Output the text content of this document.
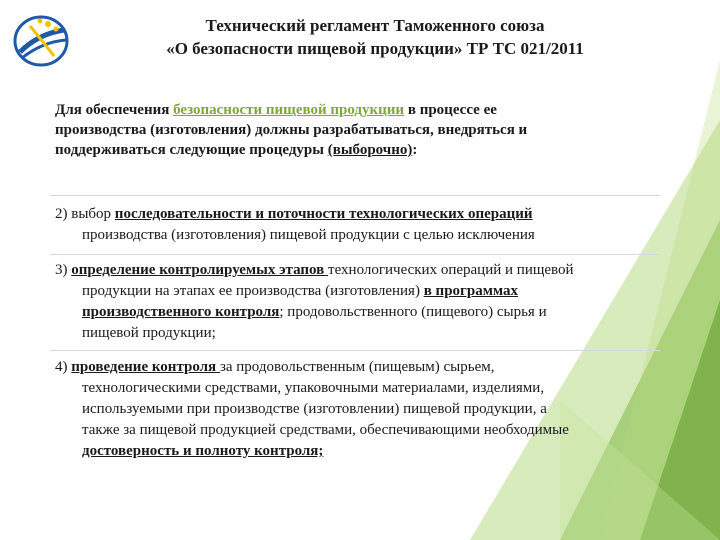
Технический регламент Таможенного союза
«О безопасности пищевой продукции» ТР ТС 021/2011
Для обеспечения безопасности пищевой продукции в процессе ее
производства (изготовления) должны разрабатываться, внедряться и
поддерживаться следующие процедуры (выборочно):
2) выбор последовательности и поточности технологических операций
производства (изготовления) пищевой продукции с целью исключения
3) определение контролируемых этапов технологических операций и пищевой
продукции на этапах ее производства (изготовления) в программах
производственного контроля; продовольственного (пищевого) сырья и
пищевой продукции;
4) проведение контроля за продовольственным (пищевым) сырьем,
технологическими средствами, упаковочными материалами, изделиями,
используемыми при производстве (изготовлении) пищевой продукции, а
также за пищевой продукцией средствами, обеспечивающими необходимые
достоверность и полноту контроля;
